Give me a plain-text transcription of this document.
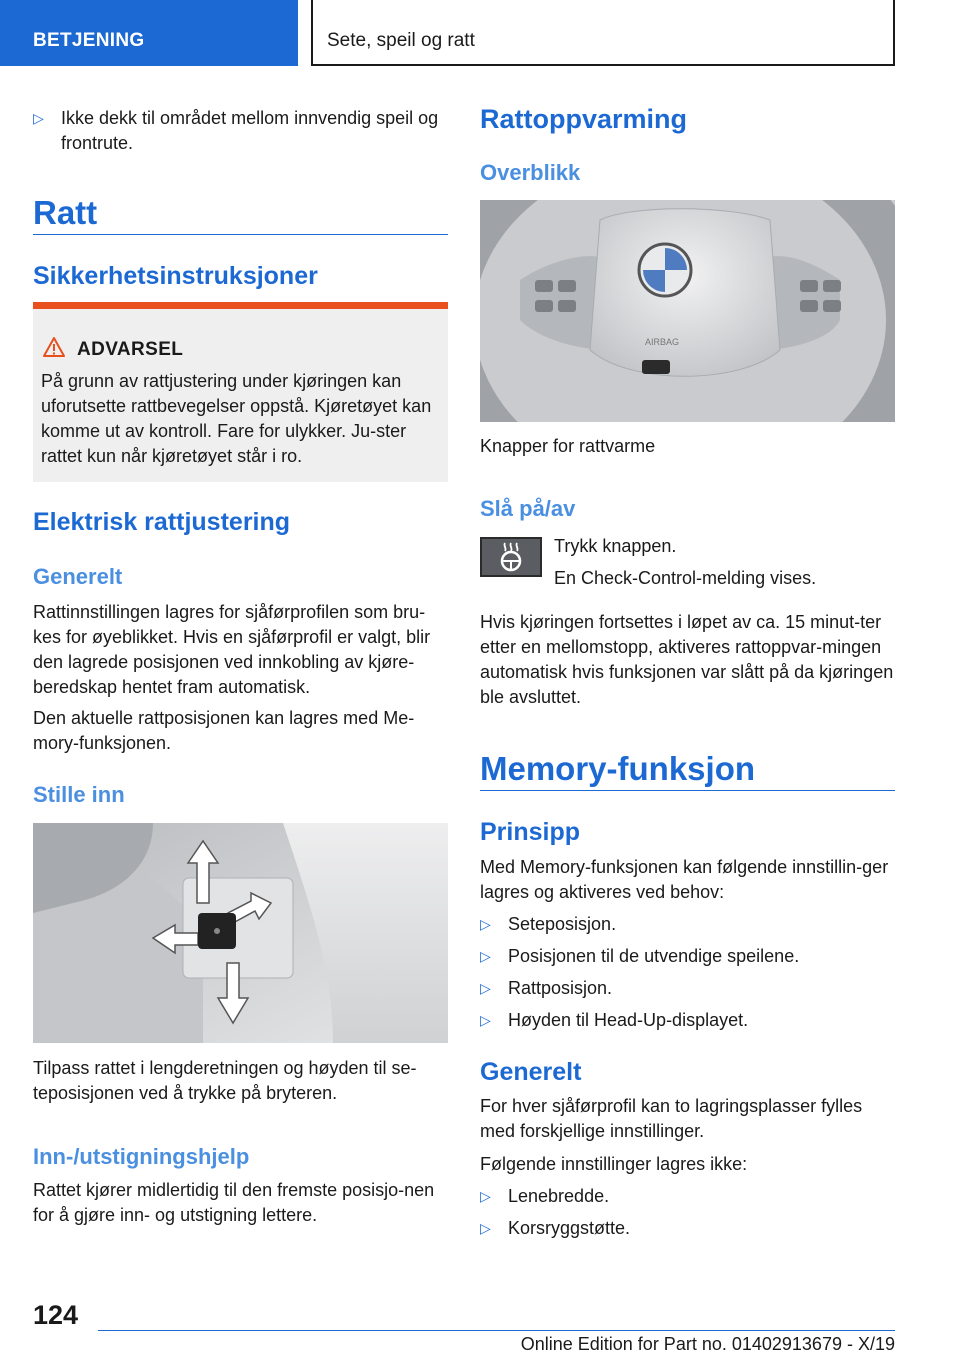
BETJENING	Sete, speil og ratt
▷ Ikke dekk til området mellom innvendig speil og frontrute.
Ratt
Sikkerhetsinstruksjoner
ADVARSEL
På grunn av rattjustering under kjøringen kan uforutsette rattbevegelser oppstå. Kjøretøyet kan komme ut av kontroll. Fare for ulykker. Ju-ster rattet kun når kjøretøyet står i ro.
Elektrisk rattjustering
Generelt
Rattinnstillingen lagres for sjåførprofilen som bru-kes for øyeblikket. Hvis en sjåførprofil er valgt, blir den lagrede posisjonen ved innkobling av kjøre-beredskap hentet fram automatisk.
Den aktuelle rattposisjonen kan lagres med Me-mory-funksjonen.
Stille inn
Tilpass rattet i lengderetningen og høyden til se-teposisjonen ved å trykke på bryteren.
Inn-/utstigningshjelp
Rattet kjører midlertidig til den fremste posisjo-nen for å gjøre inn- og utstigning lettere.
Rattoppvarming
Overblikk
AIRBAG
Knapper for rattvarme
Slå på/av
Trykk knappen.
En Check-Control-melding vises.
Hvis kjøringen fortsettes i løpet av ca. 15 minut-ter etter en mellomstopp, aktiveres rattoppvar-mingen automatisk hvis funksjonen var slått på da kjøringen ble avsluttet.
Memory-funksjon
Prinsipp
Med Memory-funksjonen kan følgende innstillin-ger lagres og aktiveres ved behov:
▷ Seteposisjon.
▷ Posisjonen til de utvendige speilene.
▷ Rattposisjon.
▷ Høyden til Head-Up-displayet.
Generelt
For hver sjåførprofil kan to lagringsplasser fylles med forskjellige innstillinger.
Følgende innstillinger lagres ikke:
▷ Lenebredde.
▷ Korsryggstøtte.
124
Online Edition for Part no. 01402913679 - X/19
